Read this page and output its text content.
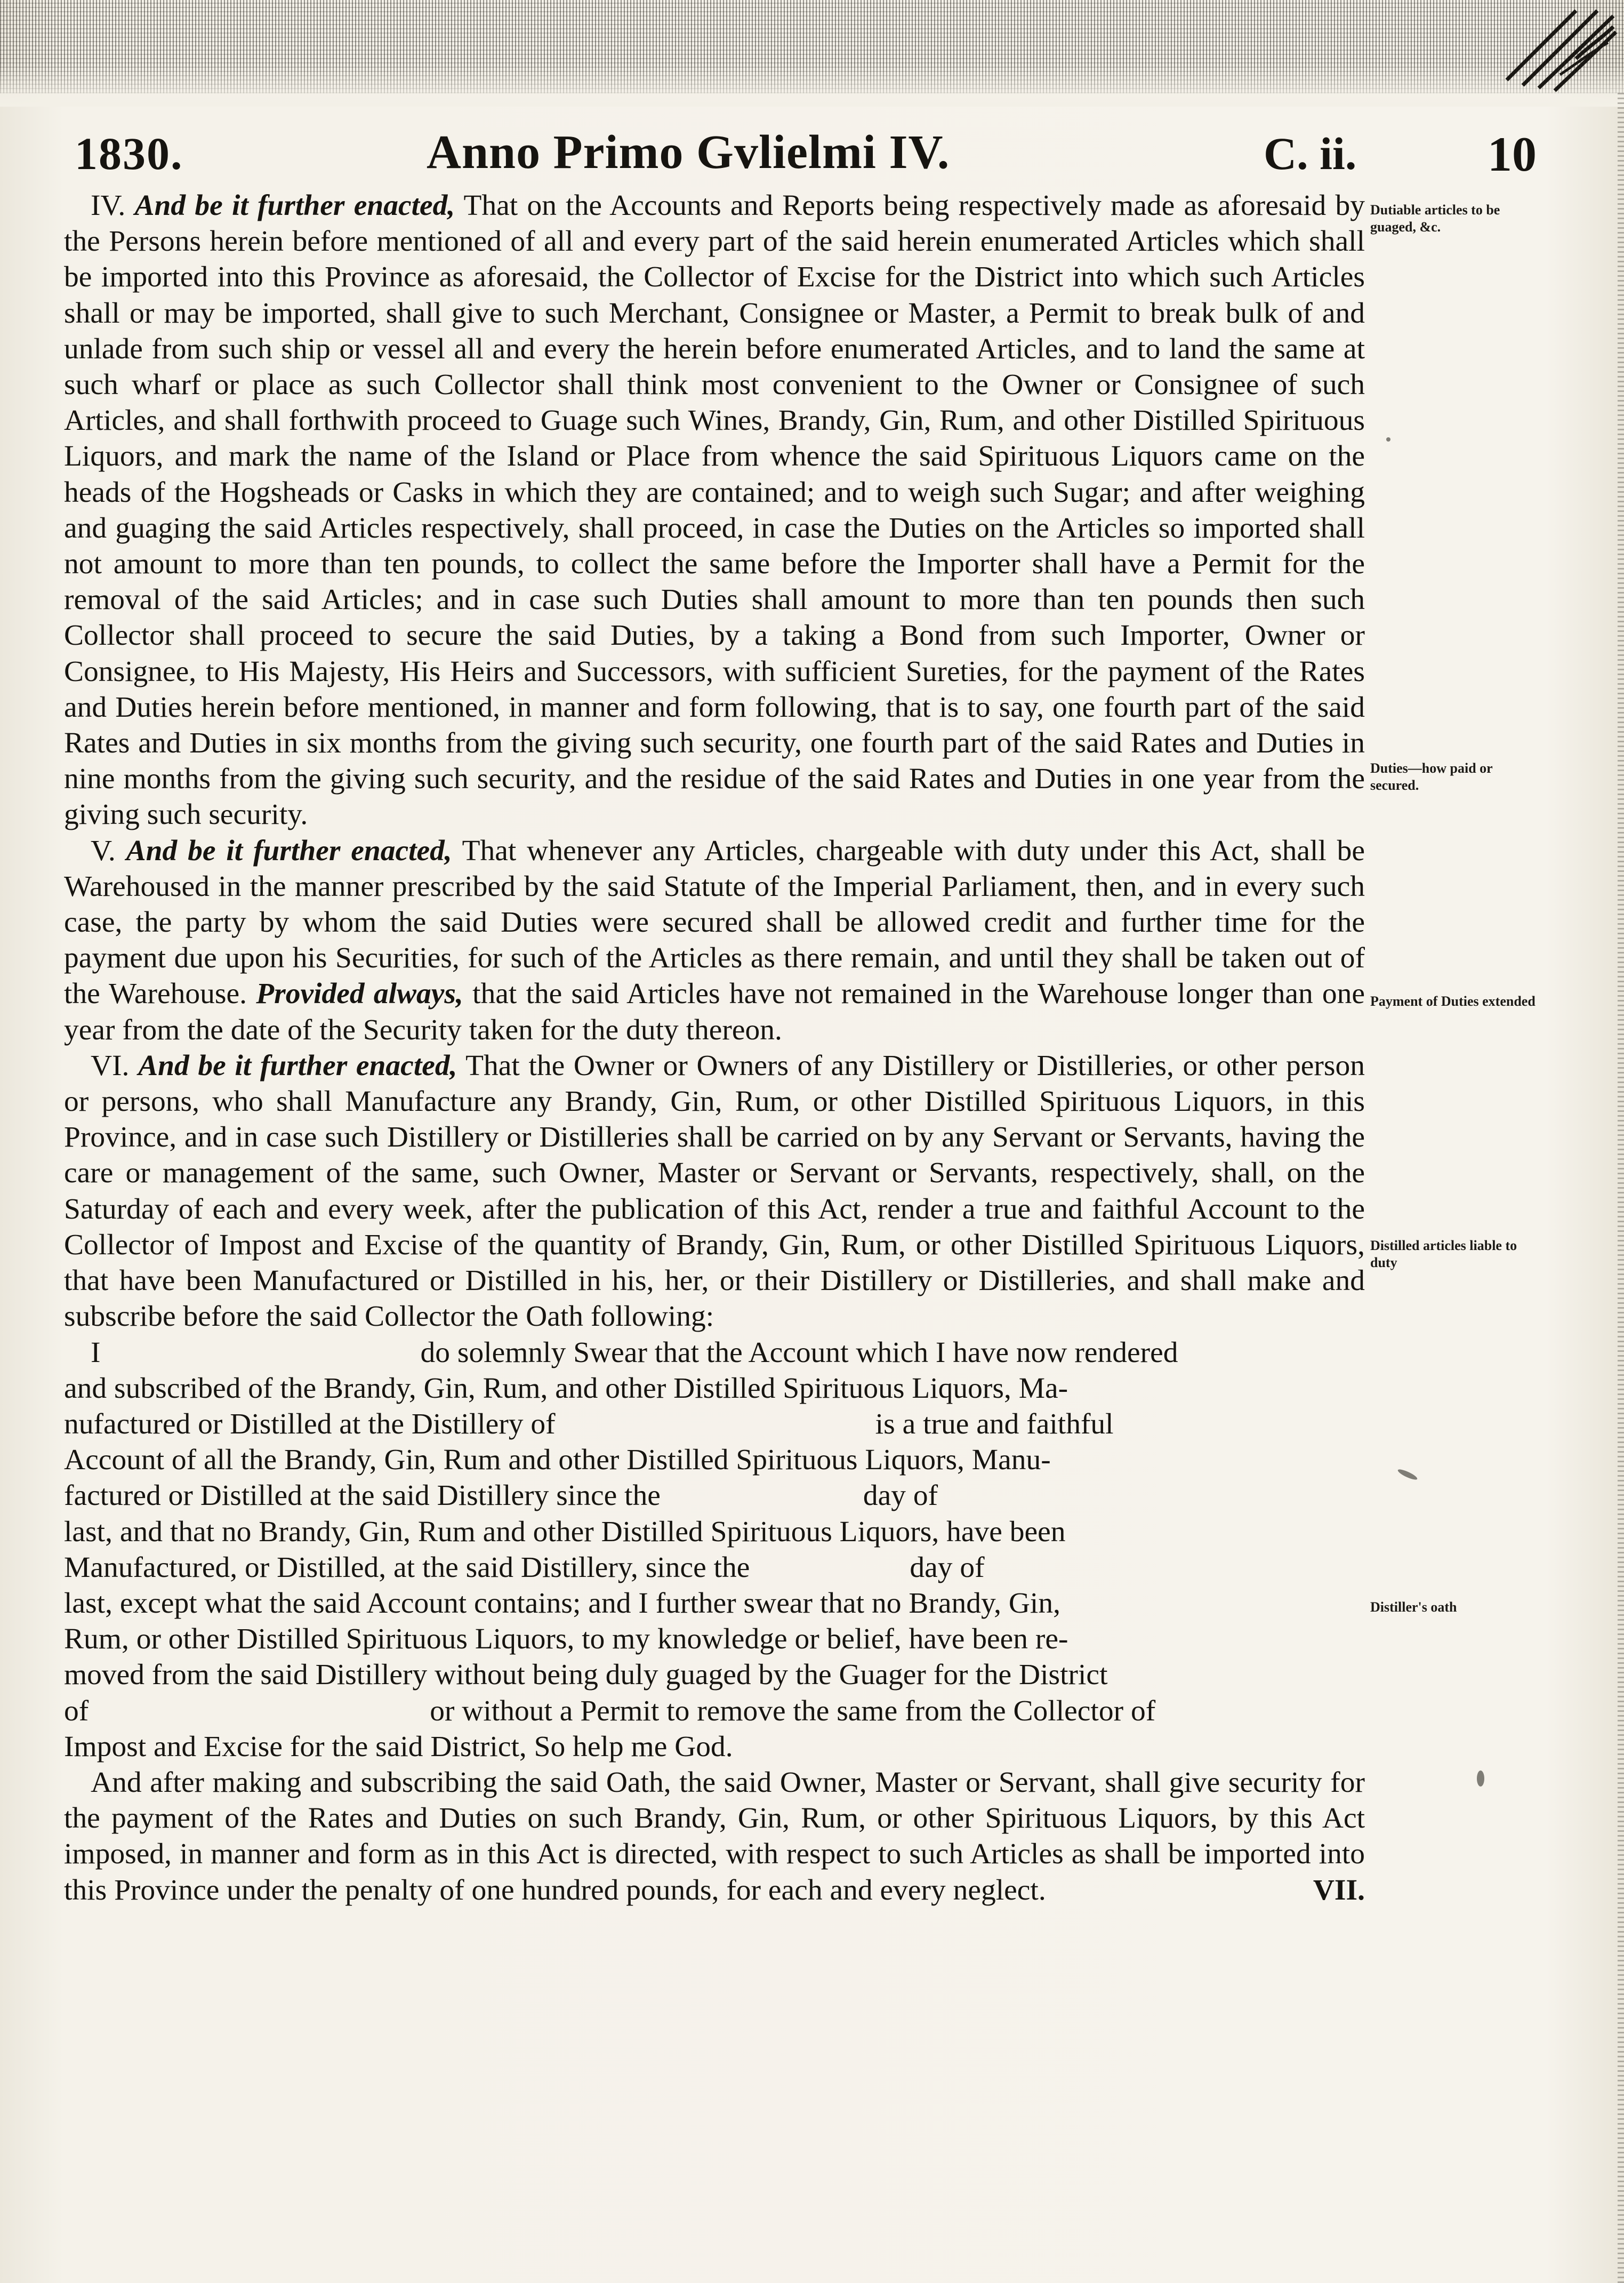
1830.	Anno Primo Gvlielmi IV.	C. ii.	10
Dutiable articles to be guaged, &c.
Duties—how paid or secured.
Payment of Duties extended
Distilled articles liable to duty
Distiller's oath

IV. And be it further enacted, That on the Accounts and Reports being respectively made as aforesaid by the Persons herein before mentioned of all and every part of the said herein enumerated Articles which shall be imported into this Province as aforesaid, the Collector of Excise for the District into which such Articles shall or may be imported, shall give to such Merchant, Consignee or Master, a Permit to break bulk of and unlade from such ship or vessel all and every the herein before enumerated Articles, and to land the same at such wharf or place as such Collector shall think most convenient to the Owner or Consignee of such Articles, and shall forthwith proceed to Guage such Wines, Brandy, Gin, Rum, and other Distilled Spirituous Liquors, and mark the name of the Island or Place from whence the said Spirituous Liquors came on the heads of the Hogsheads or Casks in which they are contained; and to weigh such Sugar; and after weighing and guaging the said Articles respectively, shall proceed, in case the Duties on the Articles so imported shall not amount to more than ten pounds, to collect the same before the Importer shall have a Permit for the removal of the said Articles; and in case such Duties shall amount to more than ten pounds then such Collector shall proceed to secure the said Duties, by a taking a Bond from such Importer, Owner or Consignee, to His Majesty, His Heirs and Successors, with sufficient Sureties, for the payment of the Rates and Duties herein before mentioned, in manner and form following, that is to say, one fourth part of the said Rates and Duties in six months from the giving such security, one fourth part of the said Rates and Duties in nine months from the giving such security, and the residue of the said Rates and Duties in one year from the giving such security.

V. And be it further enacted, That whenever any Articles, chargeable with duty under this Act, shall be Warehoused in the manner prescribed by the said Statute of the Imperial Parliament, then, and in every such case, the party by whom the said Duties were secured shall be allowed credit and further time for the payment due upon his Securities, for such of the Articles as there remain, and until they shall be taken out of the Warehouse. Provided always, that the said Articles have not remained in the Warehouse longer than one year from the date of the Security taken for the duty thereon.

VI. And be it further enacted, That the Owner or Owners of any Distillery or Distilleries, or other person or persons, who shall Manufacture any Brandy, Gin, Rum, or other Distilled Spirituous Liquors, in this Province, and in case such Distillery or Distilleries shall be carried on by any Servant or Servants, having the care or management of the same, such Owner, Master or Servant or Servants, respectively, shall, on the Saturday of each and every week, after the publication of this Act, render a true and faithful Account to the Collector of Impost and Excise of the quantity of Brandy, Gin, Rum, or other Distilled Spirituous Liquors, that have been Manufactured or Distilled in his, her, or their Distillery or Distilleries, and shall make and subscribe before the said Collector the Oath following:

I	do solemnly Swear that the Account which I have now rendered
and subscribed of the Brandy, Gin, Rum, and other Distilled Spirituous Liquors, Ma-
nufactured or Distilled at the Distillery of	is a true and faithful
Account of all the Brandy, Gin, Rum and other Distilled Spirituous Liquors, Manu-
factured or Distilled at the said Distillery since the	day of
last, and that no Brandy, Gin, Rum and other Distilled Spirituous Liquors, have been
Manufactured, or Distilled, at the said Distillery, since the	day of
last, except what the said Account contains; and I further swear that no Brandy, Gin,
Rum, or other Distilled Spirituous Liquors, to my knowledge or belief, have been re-
moved from the said Distillery without being duly guaged by the Guager for the District
of	or without a Permit to remove the same from the Collector of
Impost and Excise for the said District, So help me God.

And after making and subscribing the said Oath, the said Owner, Master or Servant, shall give security for the payment of the Rates and Duties on such Brandy, Gin, Rum, or other Spirituous Liquors, by this Act imposed, in manner and form as in this Act is directed, with respect to such Articles as shall be imported into this Province under the penalty of one hundred pounds, for each and every neglect.	VII.
